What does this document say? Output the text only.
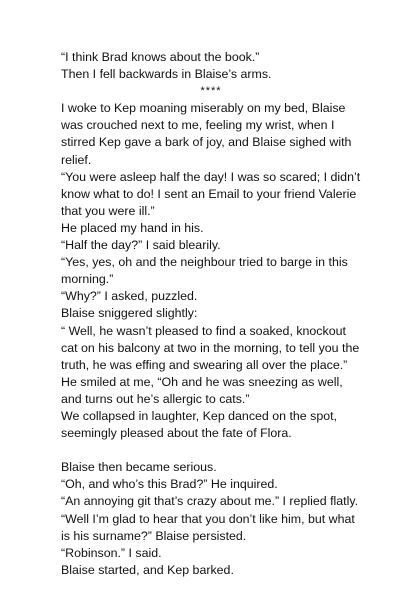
“I think Brad knows about the book.”

Then I fell backwards in Blaise’s arms.

****

I woke to Kep moaning miserably on my bed, Blaise was crouched next to me, feeling my wrist, when I stirred Kep gave a bark of joy, and Blaise sighed with relief.

“You were asleep half the day! I was so scared; I didn’t know what to do! I sent an Email to your friend Valerie that you were ill.”

He placed my hand in his.

“Half the day?” I said blearily.

“Yes, yes, oh and the neighbour tried to barge in this morning.”

“Why?” I asked, puzzled.

Blaise sniggered slightly:

“ Well, he wasn’t pleased to find a soaked, knockout cat on his balcony at two in the morning, to tell you the truth, he was effing and swearing all over the place.”

He smiled at me, “Oh and he was sneezing as well, and turns out he’s allergic to cats.”

We collapsed in laughter, Kep danced on the spot, seemingly pleased about the fate of Flora.

Blaise then became serious.

“Oh, and who’s this Brad?” He inquired.

“An annoying git that’s crazy about me.” I replied flatly.

“Well I’m glad to hear that you don’t like him, but what is his surname?” Blaise persisted.

“Robinson.” I said.

Blaise started, and Kep barked.
